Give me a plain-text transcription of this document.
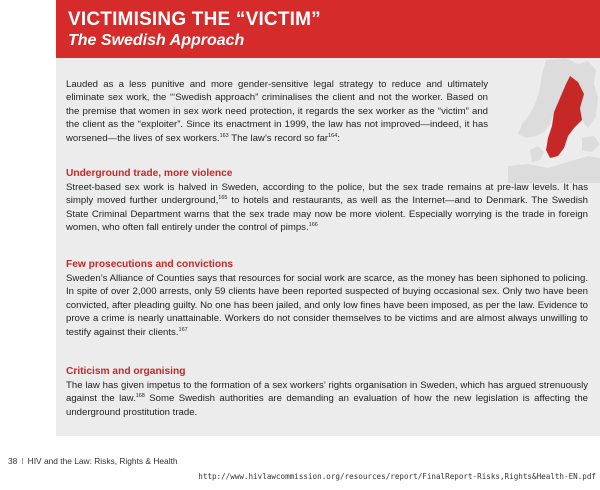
VICTIMISING THE “VICTIM”
The Swedish Approach
Lauded as a less punitive and more gender-sensitive legal strategy to reduce and ultimately eliminate sex work, the “‘Swedish approach” criminalises the client and not the worker. Based on the premise that women in sex work need protection, it regards the sex worker as the “victim” and the client as the “exploiter”. Since its enactment in 1999, the law has not improved—indeed, it has worsened—the lives of sex workers.$^{163}$ The law’s record so far$^{164}$:
Underground trade, more violence

Street-based sex work is halved in Sweden, according to the police, but the sex trade remains at pre-law levels. It has simply moved further underground,$^{165}$ to hotels and restaurants, as well as the Internet—and to Denmark. The Swedish State Criminal Department warns that the sex trade may now be more violent. Especially worrying is the trade in foreign women, who often fall entirely under the control of pimps.$^{166}$

Few prosecutions and convictions

Sweden’s Alliance of Counties says that resources for social work are scarce, as the money has been siphoned to policing. In spite of over 2,000 arrests, only 59 clients have been reported suspected of buying occasional sex. Only two have been convicted, after pleading guilty. No one has been jailed, and only low fines have been imposed, as per the law. Evidence to prove a crime is nearly unattainable. Workers do not consider themselves to be victims and are almost always unwilling to testify against their clients.$^{167}$

Criticism and organising

The law has given impetus to the formation of a sex workers’ rights organisation in Sweden, which has argued strenuously against the law.$^{168}$ Some Swedish authorities are demanding an evaluation of how the new legislation is affecting the underground prostitution trade.

38 I HIV and the Law: Risks, Rights & Health
http://www.hivlawcommission.org/resources/report/FinalReport-Risks,Rights&Health-EN.pdf
